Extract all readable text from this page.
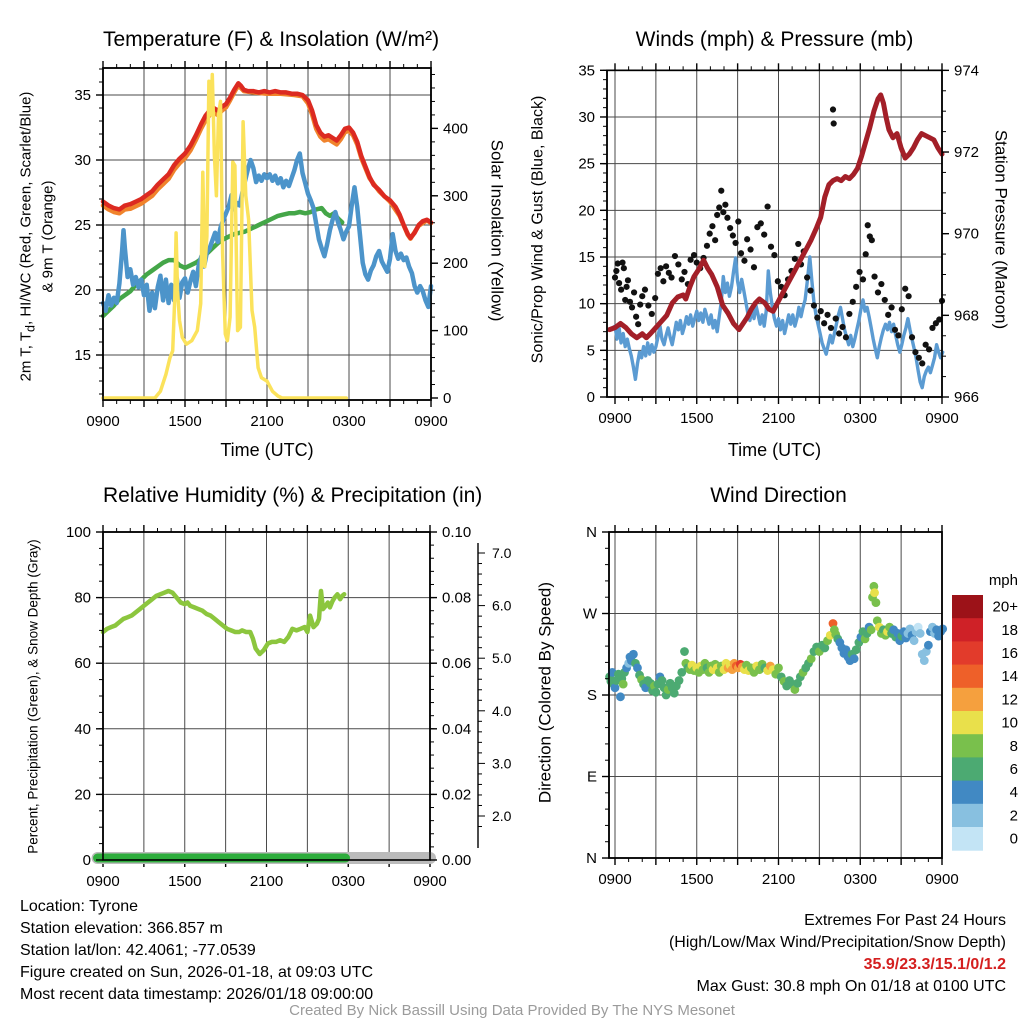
15
20
25
30
35
0
100
200
300
400
0900	1500	2100	0300	0900
0
5
10
15
20
25
30
35
966
968
970
972
974
0900	1500	2100	0300	0900
0
20
40
60
80
100
0.00
0.02
0.04
0.06
0.08
0.10
0900	1500	2100	0300	0900
7.0
6.0
5.0
4.0
3.0
2.0
N
W
S
E
N
0900	1500	2100	0300	0900
mph
20+
18
16
14
12
10
8
6
4
2
0
Temperature (F) & Insolation (W/m²)	Winds (mph) & Pressure (mb)
Relative Humidity (%) & Precipitation (in)	Wind Direction
2m T, $T_d$, HI/WC (Red, Green, Scarlet/Blue) & 9m T (Orange)	Solar Insolation (Yellow) Sonic/Prop Wind & Gust (Blue, Black)	Station Pressure (Maroon)
Percent, Precipitation (Green), & Snow Depth (Gray)	Direction (Colored By Speed)
Time (UTC)	Time (UTC)
Location: Tyrone
Station elevation: 366.857 m
Station lat/lon: 42.4061; -77.0539
Figure created on Sun, 2026-01-18, at 09:03 UTC
Most recent data timestamp: 2026/01/18 09:00:00
Extremes For Past 24 Hours
(High/Low/Max Wind/Precipitation/Snow Depth)
35.9/23.3/15.1/0/1.2
Max Gust: 30.8 mph On 01/18 at 0100 UTC
Created By Nick Bassill Using Data Provided By The NYS Mesonet
